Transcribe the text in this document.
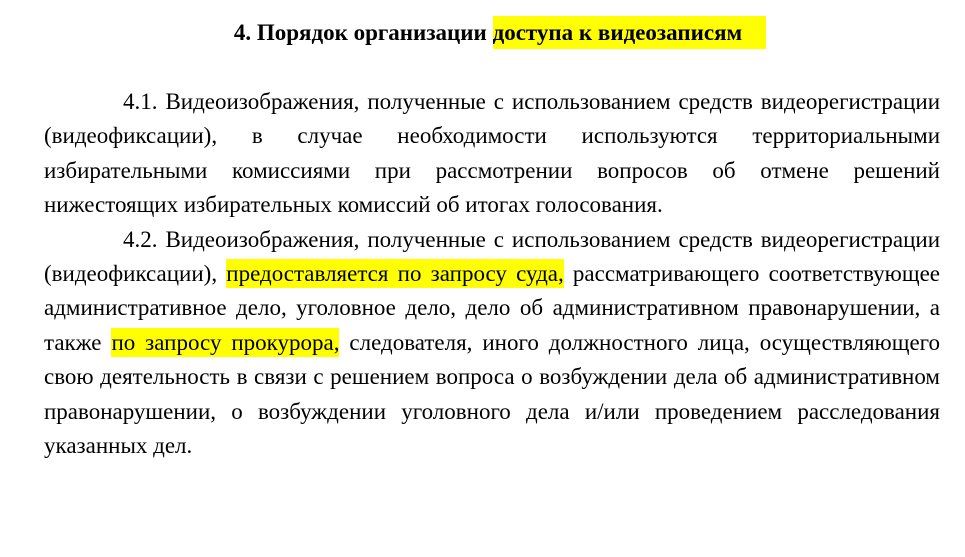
4. Порядок организации доступа к видеозаписям

4.1. Видеоизображения, полученные с использованием средств видеорегистрации (видеофиксации), в случае необходимости используются территориальными избирательными комиссиями при рассмотрении вопросов об отмене решений нижестоящих избирательных комиссий об итогах голосования.

4.2. Видеоизображения, полученные с использованием средств видеорегистрации (видеофиксации), предоставляется по запросу суда, рассматривающего соответствующее административное дело, уголовное дело, дело об административном правонарушении, а также по запросу прокурора, следователя, иного должностного лица, осуществляющего свою деятельность в связи с решением вопроса о возбуждении дела об административном правонарушении, о возбуждении уголовного дела и/или проведением расследования указанных дел.
